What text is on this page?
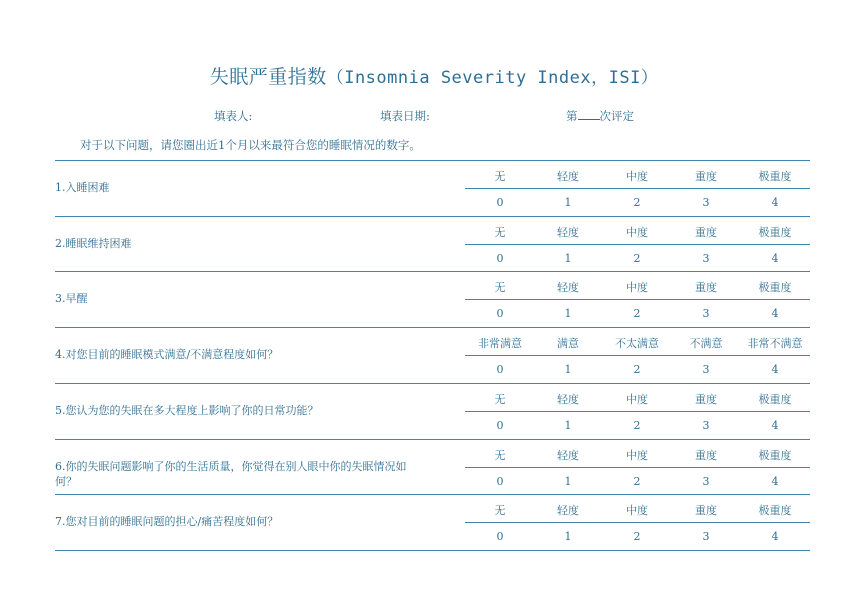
失眠严重指数（Insomnia Severity Index，ISI）
填表人:	填表日期:	第 次评定
对于以下问题，请您圈出近1个月以来最符合您的睡眠情况的数字。
1.入睡困难
无	轻度	中度	重度	极重度
0	1	2	3	4
2.睡眠维持困难
无	轻度	中度	重度	极重度
0	1	2	3	4
3.早醒
无	轻度	中度	重度	极重度
0	1	2	3	4
4.对您目前的睡眠模式满意/不满意程度如何？
非常满意	满意	不太满意	不满意	非常不满意
0	1	2	3	4
5.您认为您的失眠在多大程度上影响了你的日常功能？
无	轻度	中度	重度	极重度
0	1	2	3	4
6.你的失眠问题影响了你的生活质量，你觉得在别人眼中你的失眠情况如
何？
无	轻度	中度	重度	极重度
0	1	2	3	4
7.您对目前的睡眠问题的担心/痛苦程度如何？
无	轻度	中度	重度	极重度
0	1	2	3	4
